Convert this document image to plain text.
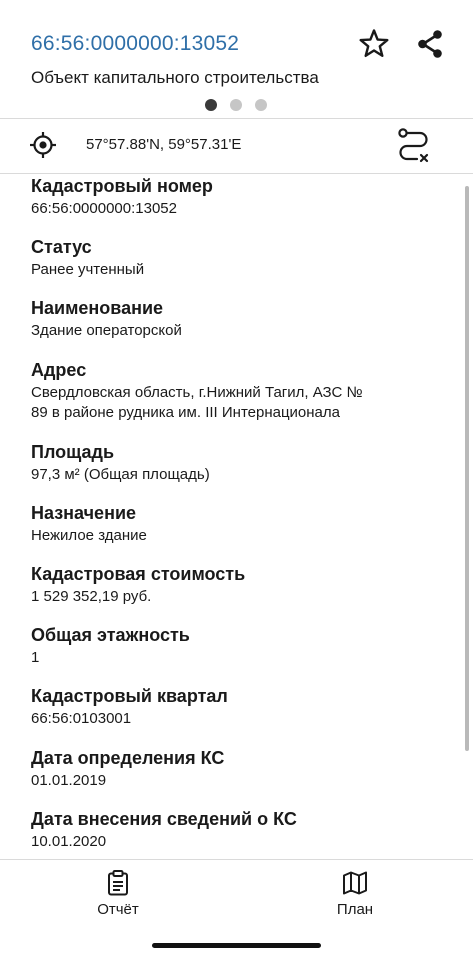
66:56:0000000:13052
Объект капитального строительства
57°57.88'N, 59°57.31'E
Кадастровый номер
66:56:0000000:13052
Статус
Ранее учтенный
Наименование
Здание операторской
Адрес
Свердловская область, г.Нижний Тагил, АЗС №
89 в районе рудника им. III Интернационала
Площадь
97,3 м² (Общая площадь)
Назначение
Нежилое здание
Кадастровая стоимость
1 529 352,19 руб.
Общая этажность
1
Кадастровый квартал
66:56:0103001
Дата определения КС
01.01.2019
Дата внесения сведений о КС
10.01.2020
Отчёт	План
